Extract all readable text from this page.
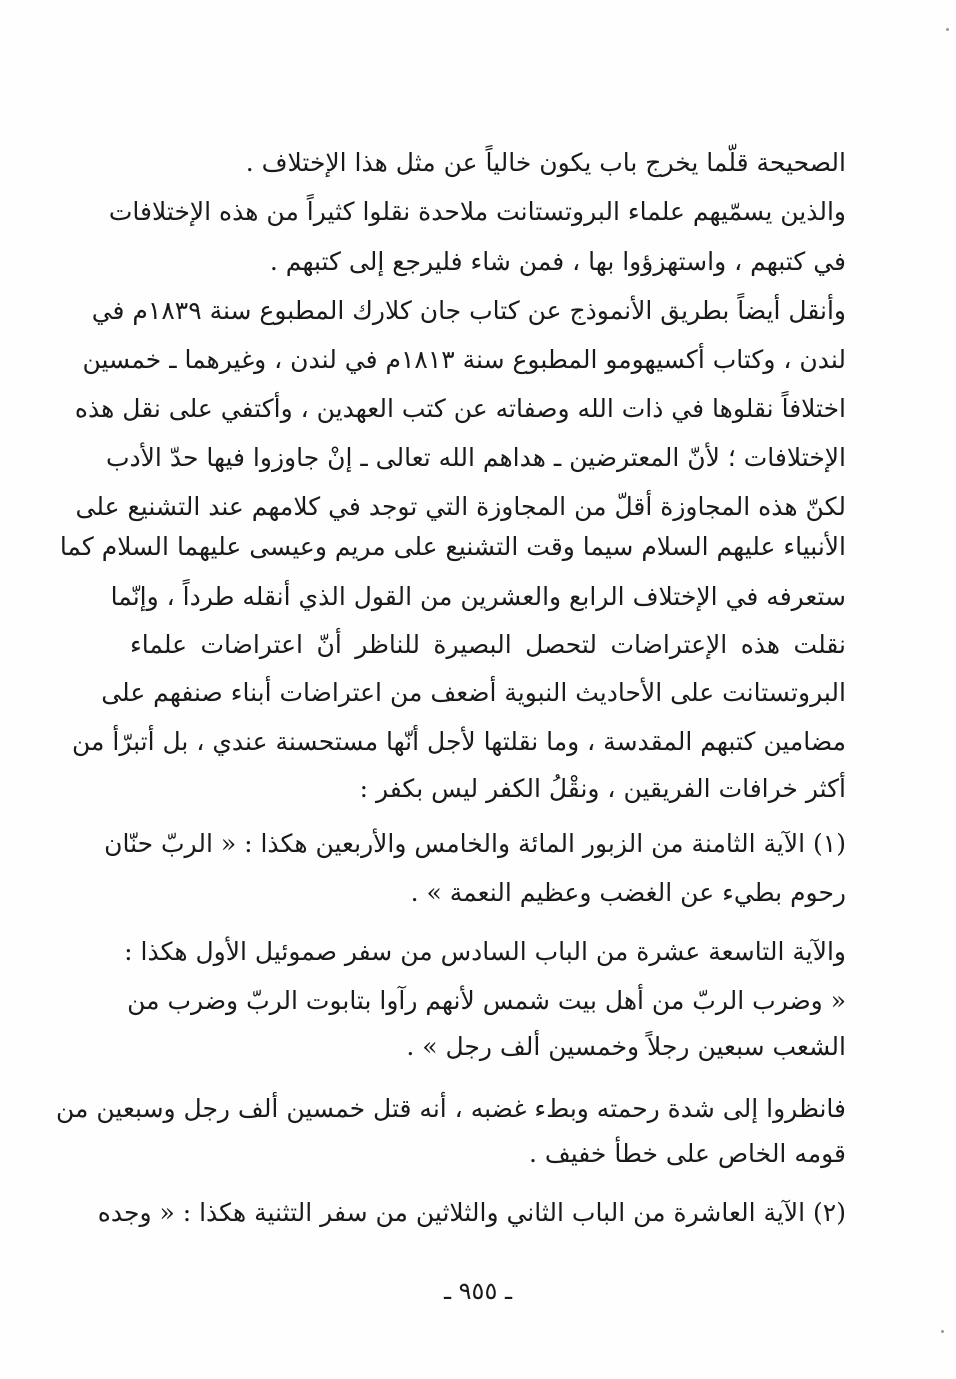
الصحيحة قلّما يخرج باب يكون خالياً عن مثل هذا الإختلاف .
والذين يسمّيهم علماء البروتستانت ملاحدة نقلوا كثيراً من هذه الإختلافات
في كتبهم ، واستهزؤوا بها ، فمن شاء فليرجع إلى كتبهم .
وأنقل أيضاً بطريق الأنموذج عن كتاب جان كلارك المطبوع سنة ١٨٣٩م في
لندن ، وكتاب أكسيهومو المطبوع سنة ١٨١٣م في لندن ، وغيرهما ـ خمسين
اختلافاً نقلوها في ذات الله وصفاته عن كتب العهدين ، وأكتفي على نقل هذه
الإختلافات ؛ لأنّ المعترضين ـ هداهم الله تعالى ـ إنْ جاوزوا فيها حدّ الأدب
لكنّ هذه المجاوزة أقلّ من المجاوزة التي توجد في كلامهم عند التشنيع على
الأنبياء عليهم السلام سيما وقت التشنيع على مريم وعيسى عليهما السلام كما
ستعرفه في الإختلاف الرابع والعشرين من القول الذي أنقله طرداً ، وإنّما
نقلت هذه الإعتراضات لتحصل البصيرة للناظر أنّ اعتراضات علماء
البروتستانت على الأحاديث النبوية أضعف من اعتراضات أبناء صنفهم على
مضامين كتبهم المقدسة ، وما نقلتها لأجل أنّها مستحسنة عندي ، بل أتبرّأ من
أكثر خرافات الفريقين ، ونقْلُ الكفر ليس بكفر :
(١) الآية الثامنة من الزبور المائة والخامس والأربعين هكذا : « الربّ حنّان
رحوم بطيء عن الغضب وعظيم النعمة » .
والآية التاسعة عشرة من الباب السادس من سفر صموئيل الأول هكذا :
« وضرب الربّ من أهل بيت شمس لأنهم رآوا بتابوت الربّ وضرب من
الشعب سبعين رجلاً وخمسين ألف رجل » .
فانظروا إلى شدة رحمته وبطء غضبه ، أنه قتل خمسين ألف رجل وسبعين من
قومه الخاص على خطأ خفيف .
(٢) الآية العاشرة من الباب الثاني والثلاثين من سفر التثنية هكذا : « وجده
ـ ٩٥٥ ـ
